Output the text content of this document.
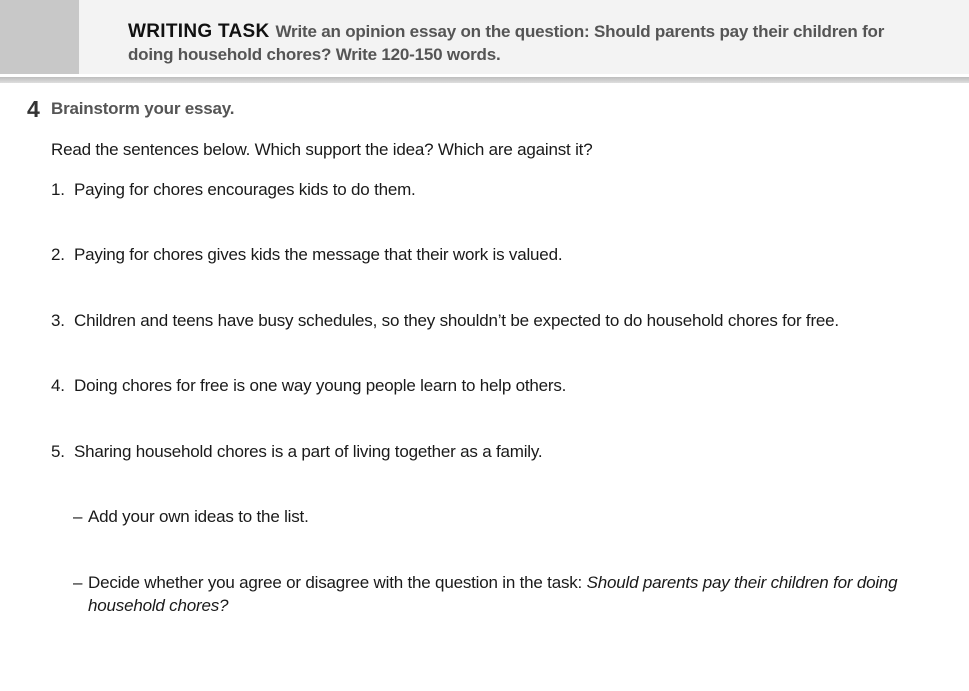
WRITING TASK Write an opinion essay on the question: Should parents pay their children for doing household chores? Write 120-150 words.
4 Brainstorm your essay.
Read the sentences below. Which support the idea? Which are against it?
1. Paying for chores encourages kids to do them.
2. Paying for chores gives kids the message that their work is valued.
3. Children and teens have busy schedules, so they shouldn’t be expected to do household chores for free.
4. Doing chores for free is one way young people learn to help others.
5. Sharing household chores is a part of living together as a family.
– Add your own ideas to the list.
– Decide whether you agree or disagree with the question in the task: Should parents pay their children for doing
household chores?
